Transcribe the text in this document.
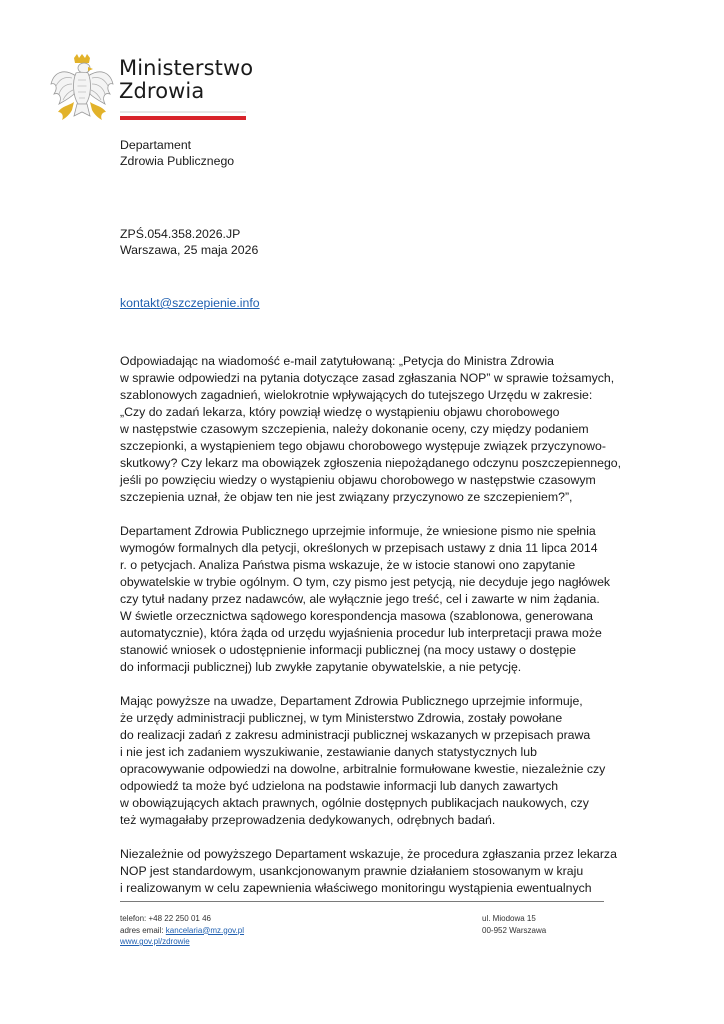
Ministerstwo
Zdrowia
Departament
Zdrowia Publicznego
ZPŚ.054.358.2026.JP
Warszawa, 25 maja 2026
kontakt@szczepienie.info

Odpowiadając na wiadomość e-mail zatytułowaną: „Petycja do Ministra Zdrowia
w sprawie odpowiedzi na pytania dotyczące zasad zgłaszania NOP” w sprawie tożsamych,
szablonowych zagadnień, wielokrotnie wpływających do tutejszego Urzędu w zakresie:
„Czy do zadań lekarza, który powziął wiedzę o wystąpieniu objawu chorobowego
w następstwie czasowym szczepienia, należy dokonanie oceny, czy między podaniem
szczepionki, a wystąpieniem tego objawu chorobowego występuje związek przyczynowo-
skutkowy? Czy lekarz ma obowiązek zgłoszenia niepożądanego odczynu poszczepiennego,
jeśli po powzięciu wiedzy o wystąpieniu objawu chorobowego w następstwie czasowym
szczepienia uznał, że objaw ten nie jest związany przyczynowo ze szczepieniem?”,

Departament Zdrowia Publicznego uprzejmie informuje, że wniesione pismo nie spełnia
wymogów formalnych dla petycji, określonych w przepisach ustawy z dnia 11 lipca 2014
r. o petycjach. Analiza Państwa pisma wskazuje, że w istocie stanowi ono zapytanie
obywatelskie w trybie ogólnym. O tym, czy pismo jest petycją, nie decyduje jego nagłówek
czy tytuł nadany przez nadawców, ale wyłącznie jego treść, cel i zawarte w nim żądania.
W świetle orzecznictwa sądowego korespondencja masowa (szablonowa, generowana
automatycznie), która żąda od urzędu wyjaśnienia procedur lub interpretacji prawa może
stanowić wniosek o udostępnienie informacji publicznej (na mocy ustawy o dostępie
do informacji publicznej) lub zwykłe zapytanie obywatelskie, a nie petycję.

Mając powyższe na uwadze, Departament Zdrowia Publicznego uprzejmie informuje,
że urzędy administracji publicznej, w tym Ministerstwo Zdrowia, zostały powołane
do realizacji zadań z zakresu administracji publicznej wskazanych w przepisach prawa
i nie jest ich zadaniem wyszukiwanie, zestawianie danych statystycznych lub
opracowywanie odpowiedzi na dowolne, arbitralnie formułowane kwestie, niezależnie czy
odpowiedź ta może być udzielona na podstawie informacji lub danych zawartych
w obowiązujących aktach prawnych, ogólnie dostępnych publikacjach naukowych, czy
też wymagałaby przeprowadzenia dedykowanych, odrębnych badań.

Niezależnie od powyższego Departament wskazuje, że procedura zgłaszania przez lekarza
NOP jest standardowym, usankcjonowanym prawnie działaniem stosowanym w kraju
i realizowanym w celu zapewnienia właściwego monitoringu wystąpienia ewentualnych

telefon: +48 22 250 01 46
adres email: kancelaria@mz.gov.pl
www.gov.pl/zdrowie
ul. Miodowa 15
00-952 Warszawa
